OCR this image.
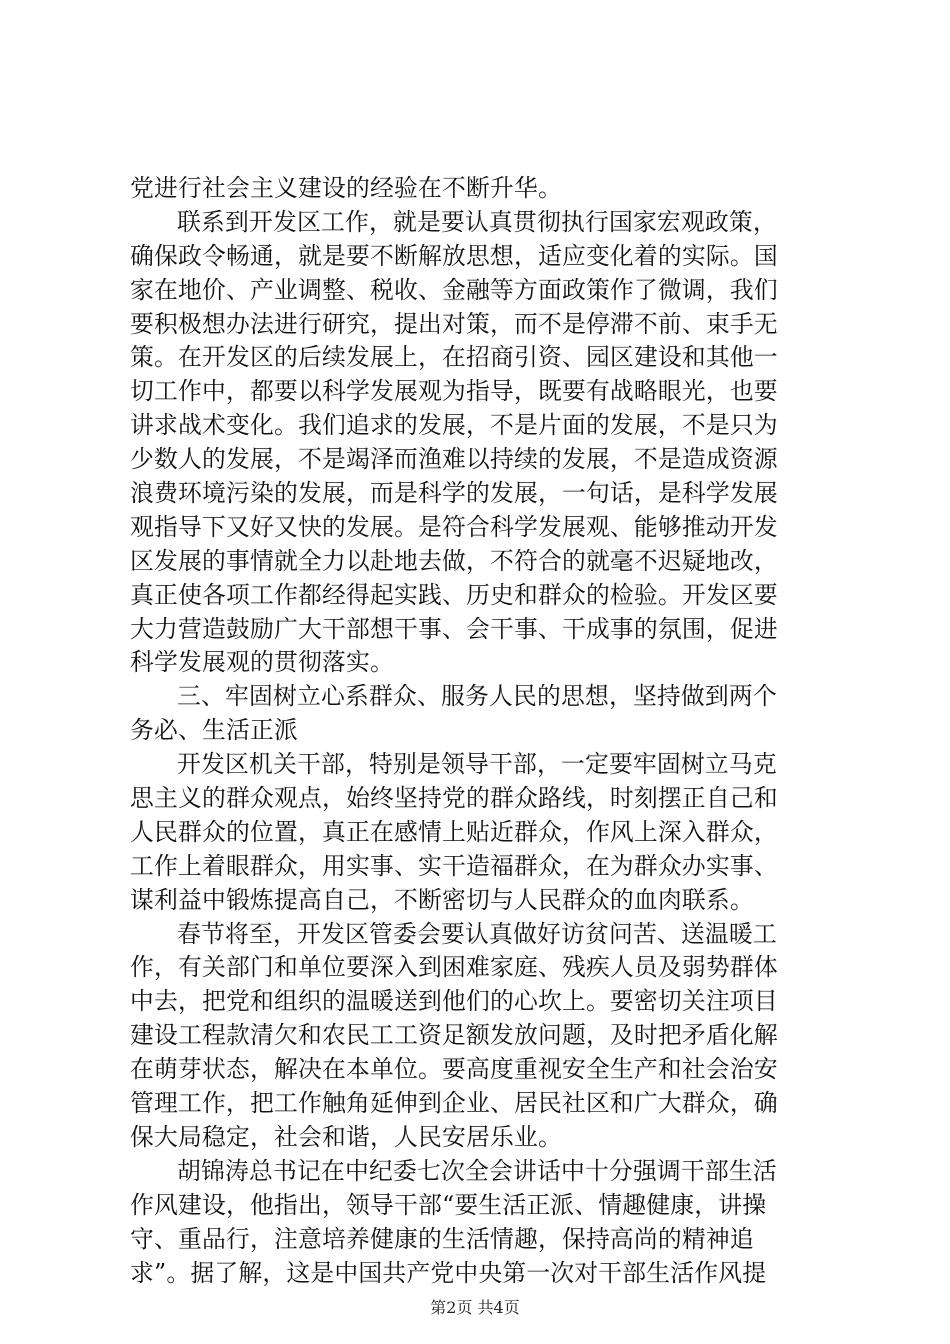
党进行社会主义建设的经验在不断升华。
联系到开发区工作，就是要认真贯彻执行国家宏观政策，
确保政令畅通，就是要不断解放思想，适应变化着的实际。国
家在地价、产业调整、税收、金融等方面政策作了微调，我们
要积极想办法进行研究，提出对策，而不是停滞不前、束手无
策。在开发区的后续发展上，在招商引资、园区建设和其他一
切工作中，都要以科学发展观为指导，既要有战略眼光，也要
讲求战术变化。我们追求的发展，不是片面的发展，不是只为
少数人的发展，不是竭泽而渔难以持续的发展，不是造成资源
浪费环境污染的发展，而是科学的发展，一句话，是科学发展
观指导下又好又快的发展。是符合科学发展观、能够推动开发
区发展的事情就全力以赴地去做，不符合的就毫不迟疑地改，
真正使各项工作都经得起实践、历史和群众的检验。开发区要
大力营造鼓励广大干部想干事、会干事、干成事的氛围，促进
科学发展观的贯彻落实。
三、牢固树立心系群众、服务人民的思想，坚持做到两个
务必、生活正派
开发区机关干部，特别是领导干部，一定要牢固树立马克
思主义的群众观点，始终坚持党的群众路线，时刻摆正自己和
人民群众的位置，真正在感情上贴近群众，作风上深入群众，
工作上着眼群众，用实事、实干造福群众，在为群众办实事、
谋利益中锻炼提高自己，不断密切与人民群众的血肉联系。
春节将至，开发区管委会要认真做好访贫问苦、送温暖工
作，有关部门和单位要深入到困难家庭、残疾人员及弱势群体
中去，把党和组织的温暖送到他们的心坎上。要密切关注项目
建设工程款清欠和农民工工资足额发放问题，及时把矛盾化解
在萌芽状态，解决在本单位。要高度重视安全生产和社会治安
管理工作，把工作触角延伸到企业、居民社区和广大群众，确
保大局稳定，社会和谐，人民安居乐业。
胡锦涛总书记在中纪委七次全会讲话中十分强调干部生活
作风建设，他指出，领导干部“要生活正派、情趣健康，讲操
守、重品行，注意培养健康的生活情趣，保持高尚的精神追
求”。据了解，这是中国共产党中央第一次对干部生活作风提
第2页 共4页
